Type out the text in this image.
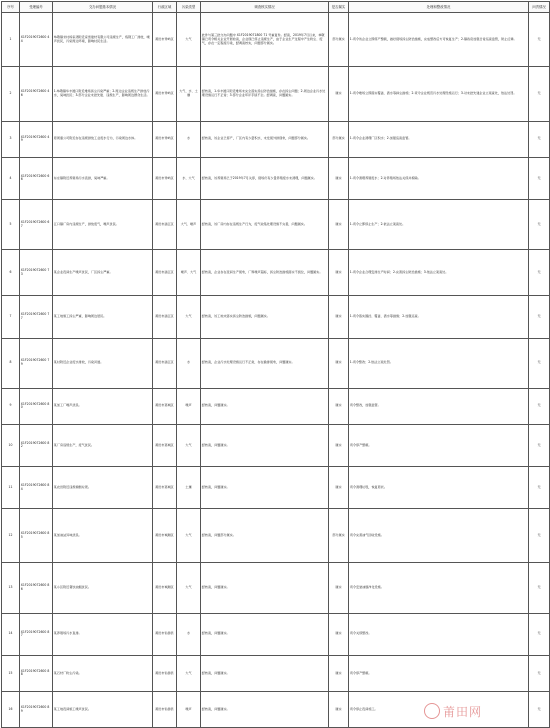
序号	受理编号	交办问题基本情况	行政区域	污染类型	调查核实情况	是否属实	处理和整改情况	问责情况
1	X1F2019072600 44	恭敬镇米村杨家湾附近家宽建材有限公司违规生产，炼钢工厂排放，噪声扰民，污染周边环境，影响村民生活。	莆田市秀屿区	大气	此件与第三批交办问题中 X1F2019071800 71 号重复件。经查，2019年7月以来，恭敬镇已责令相关企业开展检查，企业现已停止违规生产，由于企业生产过程中产生粉尘、废气，存在一定程度污染，经调查核实，问题部分属实。	部分属实	1.责令该企业立即停产整顿，做好现场扬尘防治措施，完成整改后方可恢复生产；2.镇政府加强日常巡查监管，防止反弹。	无
2	X1F2019072600 46	1.恭敬镇华丰渡口附近堆场扬尘污染严重；2.周边企业违规生产排放污水，臭味扰民；3.部分企业未批先建、违规生产，影响周边群众生活。	莆田市秀屿区	大气、水、土壤	经核查，1.华丰渡口附近堆场未完全落实扬尘防治措施，存在扬尘问题；2.周边企业污水处理设施运行不正常；3.部分企业环评手续不全。经调查，问题属实。	属实	1.责令堆场立即落实覆盖、洒水等抑尘措施；2.责令企业规范污水处理设施运行；3.对未批先建企业立案查处，依法处罚。	无
3	X1F2019072600 49	原周康公司附近存在违规排放工业废水行为，污染周边水体。	莆田市秀屿区	水	经核查，该企业已停产，厂区内有少量积水，未发现外排现象，问题部分属实。	部分属实	1.责令企业清理厂区积水；2.加强巡查监管。	无
4	X1F2019072600 66	东庄镇附近养殖场污水直排，臭味严重。	莆田市秀屿区	水、大气	经核查，该养殖场已于2019年7月关停，现场仍有少量养殖废水未清理，问题属实。	属实	1.责令清理养殖废水；2.对养殖场依法关停并拆除。	无
5	X1F2019072600 67	江口镇厂房内违规生产，排放废气，噪声扰民。	莆田市涵江区	大气、噪声	经核查，该厂房内存在违规生产行为，废气收集处理设施不完善，问题属实。	属实	1.责令立即停止生产；2.依法立案查处。	无
6	X1F2019072600 73	某企业夜间生产噪声扰民，厂区扬尘严重。	莆田市涵江区	噪声、大气	经核查，企业存在夜间生产现象，厂界噪声超标，扬尘防治措施落实不到位，问题属实。	属实	1.责令企业合理安排生产时间；2.完善扬尘防治措施；3.依法立案查处。	无
7	X1F2019072600 77	某工地施工扬尘严重，影响周边居民。	莆田市涵江区	大气	经核查，该工地未落实扬尘防治措施，问题属实。	属实	1.责令落实围挡、覆盖、洒水等措施；2.加强巡查。	无
8	X1F2019072600 79	某村附近企业废水排放，污染河道。	莆田市涵江区	水	经核查，企业污水处理设施运行不正常，存在偷排现象，问题属实。	属实	1.责令整改；2.依法立案处罚。	无
9	X1F2019072600 80	某加工厂噪声扰民。	莆田市荔城区	噪声	经核查，问题属实。	属实	责令整改，加强监管。	无
10	X1F2019072600 82	某厂房违规生产，废气扰民。	莆田市荔城区	大气	经核查，问题属实。	属实	责令停产整顿。	无
11	X1F2019072600 84	某农田附近违规倾倒垃圾。	莆田市荔城区	土壤	经核查，问题属实。	属实	责令清理垃圾，恢复原状。	无
12	X1F2019072600 85	某加油站异味扰民。	莆田市城厢区	大气	经核查，问题部分属实。	部分属实	责令完善油气回收设施。	无
13	X1F2019072600 86	某小区附近餐饮油烟扰民。	莆田市城厢区	大气	经核查，问题属实。	属实	责令安装油烟净化设施。	无
14	X1F2019072600 87	某养殖场污水直排。	莆田市仙游县	水	经核查，问题属实。	属实	责令关停整改。	无
15	X1F2019072600 88	某石材厂粉尘污染。	莆田市仙游县	大气	经核查，问题属实。	属实	责令停产整顿。	无
16	X1F2019072600 89	某工地夜间施工噪声扰民。	莆田市仙游县	噪声	经核查，问题属实。	属实	责令停止夜间施工。	无
莆田网
